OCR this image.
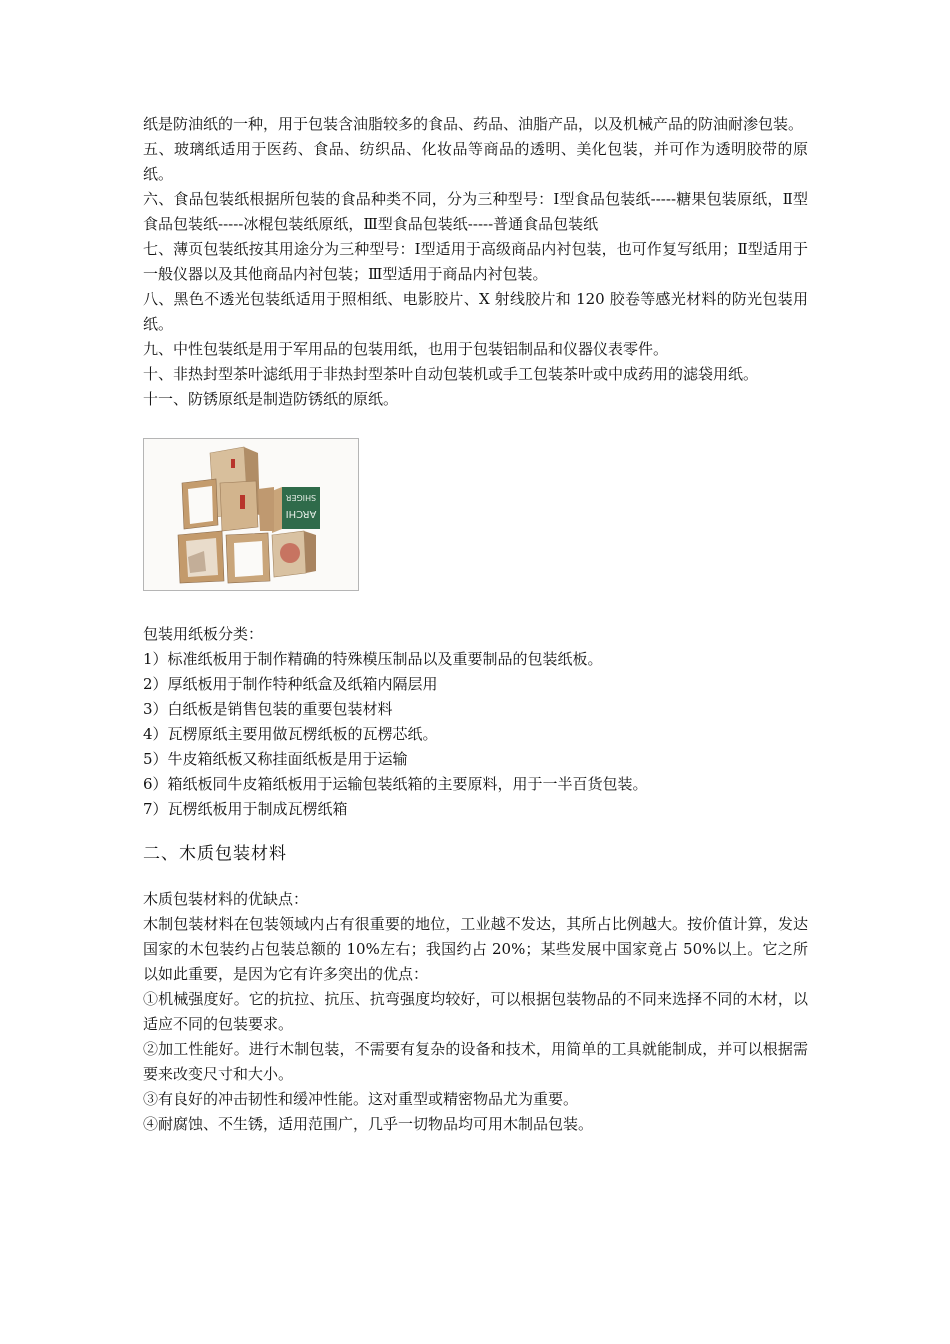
纸是防油纸的一种，用于包装含油脂较多的食品、药品、油脂产品，以及机械产品的防油耐渗包装。

五、玻璃纸适用于医药、食品、纺织品、化妆品等商品的透明、美化包装，并可作为透明胶带的原纸。

六、食品包装纸根据所包装的食品种类不同，分为三种型号：Ⅰ型食品包装纸-----糖果包装原纸，Ⅱ型食品包装纸-----冰棍包装纸原纸，Ⅲ型食品包装纸-----普通食品包装纸

七、薄页包装纸按其用途分为三种型号：Ⅰ型适用于高级商品内衬包装，也可作复写纸用；Ⅱ型适用于一般仪器以及其他商品内衬包装；Ⅲ型适用于商品内衬包装。

八、黑色不透光包装纸适用于照相纸、电影胶片、X 射线胶片和 120 胶卷等感光材料的防光包装用纸。

九、中性包装纸是用于军用品的包装用纸，也用于包装铝制品和仪器仪表零件。

十、非热封型茶叶滤纸用于非热封型茶叶自动包装机或手工包装茶叶或中成药用的滤袋用纸。

十一、防锈原纸是制造防锈纸的原纸。

SHIGER
ARCHI

包装用纸板分类：

1）标准纸板用于制作精确的特殊模压制品以及重要制品的包装纸板。

2）厚纸板用于制作特种纸盒及纸箱内隔层用

3）白纸板是销售包装的重要包装材料

4）瓦楞原纸主要用做瓦楞纸板的瓦楞芯纸。

5）牛皮箱纸板又称挂面纸板是用于运输

6）箱纸板同牛皮箱纸板用于运输包装纸箱的主要原料，用于一半百货包装。

7）瓦楞纸板用于制成瓦楞纸箱

二、木质包装材料

木质包装材料的优缺点：

木制包装材料在包装领域内占有很重要的地位，工业越不发达，其所占比例越大。按价值计算，发达国家的木包装约占包装总额的 10%左右；我国约占 20%；某些发展中国家竟占 50%以上。它之所以如此重要，是因为它有许多突出的优点：

①机械强度好。它的抗拉、抗压、抗弯强度均较好，可以根据包装物品的不同来选择不同的木材，以适应不同的包装要求。

②加工性能好。进行木制包装，不需要有复杂的设备和技术，用简单的工具就能制成，并可以根据需要来改变尺寸和大小。

③有良好的冲击韧性和缓冲性能。这对重型或精密物品尤为重要。

④耐腐蚀、不生锈，适用范围广，几乎一切物品均可用木制品包装。
